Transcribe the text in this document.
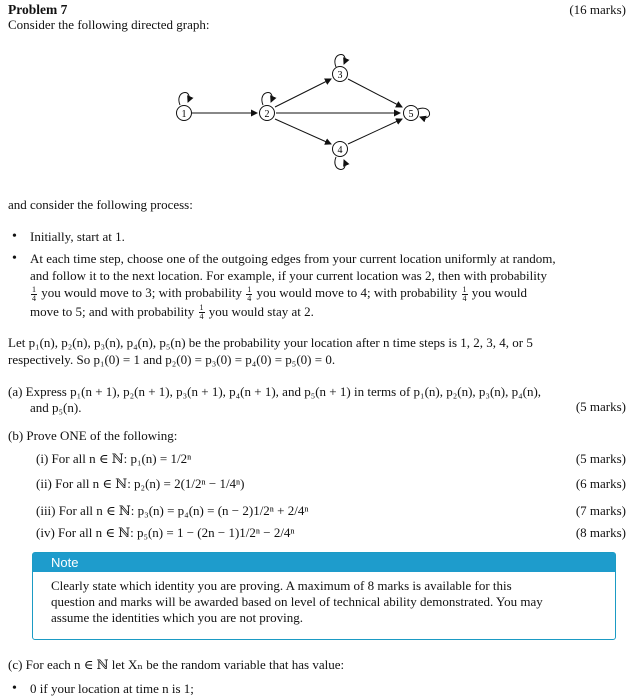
Problem 7	(16 marks)
Consider the following directed graph:
1	2
3
4
5
and consider the following process:
• Initially, start at 1.
• At each time step, choose one of the outgoing edges from your current location uniformly at random,
and follow it to the next location. For example, if your current location was 2, then with probability
$\frac{1}{4}$ you would move to 3; with probability $\frac{1}{4}$ you would move to 4; with probability $\frac{1}{4}$ you would
move to 5; and with probability $\frac{1}{4}$ you would stay at 2.
Let p₁(n), p₂(n), p₃(n), p₄(n), p₅(n) be the probability your location after n time steps is 1, 2, 3, 4, or 5
respectively. So p₁(0) = 1 and p₂(0) = p₃(0) = p₄(0) = p₅(0) = 0.
(a) Express p₁(n + 1), p₂(n + 1), p₃(n + 1), p₄(n + 1), and p₅(n + 1) in terms of p₁(n), p₂(n), p₃(n), p₄(n),
and p₅(n).	(5 marks)
(b) Prove ONE of the following:
(i) For all n ∈ ℕ: p₁(n) = 1/2ⁿ	(5 marks)
(ii) For all n ∈ ℕ: p₂(n) = 2(1/2ⁿ − 1/4ⁿ)	(6 marks)
(iii) For all n ∈ ℕ: p₃(n) = p₄(n) = (n − 2)1/2ⁿ + 2/4ⁿ	(7 marks)
(iv) For all n ∈ ℕ: p₅(n) = 1 − (2n − 1)1/2ⁿ − 2/4ⁿ	(8 marks)
Note
Clearly state which identity you are proving. A maximum of 8 marks is available for this
question and marks will be awarded based on level of technical ability demonstrated. You may
assume the identities which you are not proving.
(c) For each n ∈ ℕ let Xₙ be the random variable that has value:
• 0 if your location at time n is 1;
